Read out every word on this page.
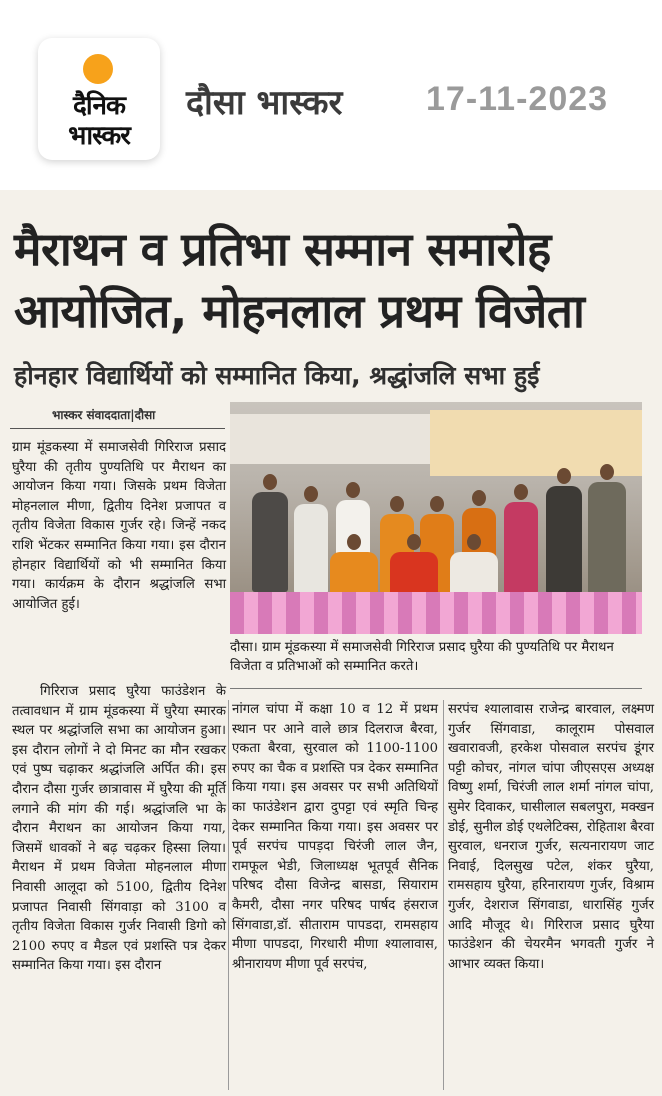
दैनिक
भास्कर
दौसा भास्कर 17-11-2023
मैराथन व प्रतिभा सम्मान समारोह
आयोजित, मोहनलाल प्रथम विजेता
होनहार विद्यार्थियों को सम्मानित किया, श्रद्धांजलि सभा हुई
भास्कर संवाददाता|दौसा
दौसा। ग्राम मूंडकस्या में समाजसेवी गिरिराज प्रसाद घुरैया की पुण्यतिथि पर मैराथन विजेता व प्रतिभाओं को सम्मानित करते।
ग्राम मूंडकस्या में समाजसेवी गिरिराज प्रसाद घुरैया की तृतीय पुण्यतिथि पर मैराथन का आयोजन किया गया। जिसके प्रथम विजेता मोहनलाल मीणा, द्वितीय दिनेश प्रजापत व तृतीय विजेता विकास गुर्जर रहे। जिन्हें नकद राशि भेंटकर सम्मानित किया गया। इस दौरान होनहार विद्यार्थियों को भी सम्मानित किया गया। कार्यक्रम के दौरान श्रद्धांजलि सभा आयोजित हुई।
गिरिराज प्रसाद घुरैया फाउंडेशन के तत्वावधान में ग्राम मूंडकस्या में घुरैया स्मारक स्थल पर श्रद्धांजलि सभा का आयोजन हुआ। इस दौरान लोगों ने दो मिनट का मौन रखकर एवं पुष्प चढ़ाकर श्रद्धांजलि अर्पित की। इस दौरान दौसा गुर्जर छात्रावास में घुरैया की मूर्ति लगाने की मांग की गई। श्रद्धांजलि भा के दौरान मैराथन का आयोजन किया गया, जिसमें धावकों ने बढ़ चढ़कर हिस्सा लिया। मैराथन में प्रथम विजेता मोहनलाल मीणा निवासी आलूदा को 5100, द्वितीय दिनेश प्रजापत निवासी सिंगवाड़ा को 3100 व तृतीय विजेता विकास गुर्जर निवासी डिगो को 2100 रुपए व मैडल एवं प्रशस्ति पत्र देकर सम्मानित किया गया। इस दौरान
नांगल चांपा में कक्षा 10 व 12 में प्रथम स्थान पर आने वाले छात्र दिलराज बैरवा, एकता बैरवा, सुरवाल को 1100-1100 रुपए का चैक व प्रशस्ति पत्र देकर सम्मानित किया गया। इस अवसर पर सभी अतिथियों का फाउंडेशन द्वारा दुपट्टा एवं स्मृति चिन्ह देकर सम्मानित किया गया। इस अवसर पर पूर्व सरपंच पापड़दा चिरंजी लाल जैन, रामफूल भेडी, जिलाध्यक्ष भूतपूर्व सैनिक परिषद दौसा विजेन्द्र बासडा, सियाराम कैमरी, दौसा नगर परिषद पार्षद हंसराज सिंगवाडा,डॉ. सीताराम पापडदा, रामसहाय मीणा पापडदा, गिरधारी मीणा श्यालावास, श्रीनारायण मीणा पूर्व सरपंच,
सरपंच श्यालावास राजेन्द्र बारवाल, लक्ष्मण गुर्जर सिंगवाडा, कालूराम पोसवाल खवारावजी, हरकेश पोसवाल सरपंच डूंगर पट्टी कोचर, नांगल चांपा जीएसएस अध्यक्ष विष्णु शर्मा, चिरंजी लाल शर्मा नांगल चांपा, सुमेर दिवाकर, घासीलाल सबलपुरा, मक्खन डोई, सुनील डोई एथलेटिक्स, रोहिताश बैरवा सुरवाल, धनराज गुर्जर, सत्यनारायण जाट निवाई, दिलसुख पटेल, शंकर घुरैया, रामसहाय घुरैया, हरिनारायण गुर्जर, विश्राम गुर्जर, देशराज सिंगवाडा, धारासिंह गुर्जर आदि मौजूद थे। गिरिराज प्रसाद घुरैया फाउंडेशन की चेयरमैन भगवती गुर्जर ने आभार व्यक्त किया।
